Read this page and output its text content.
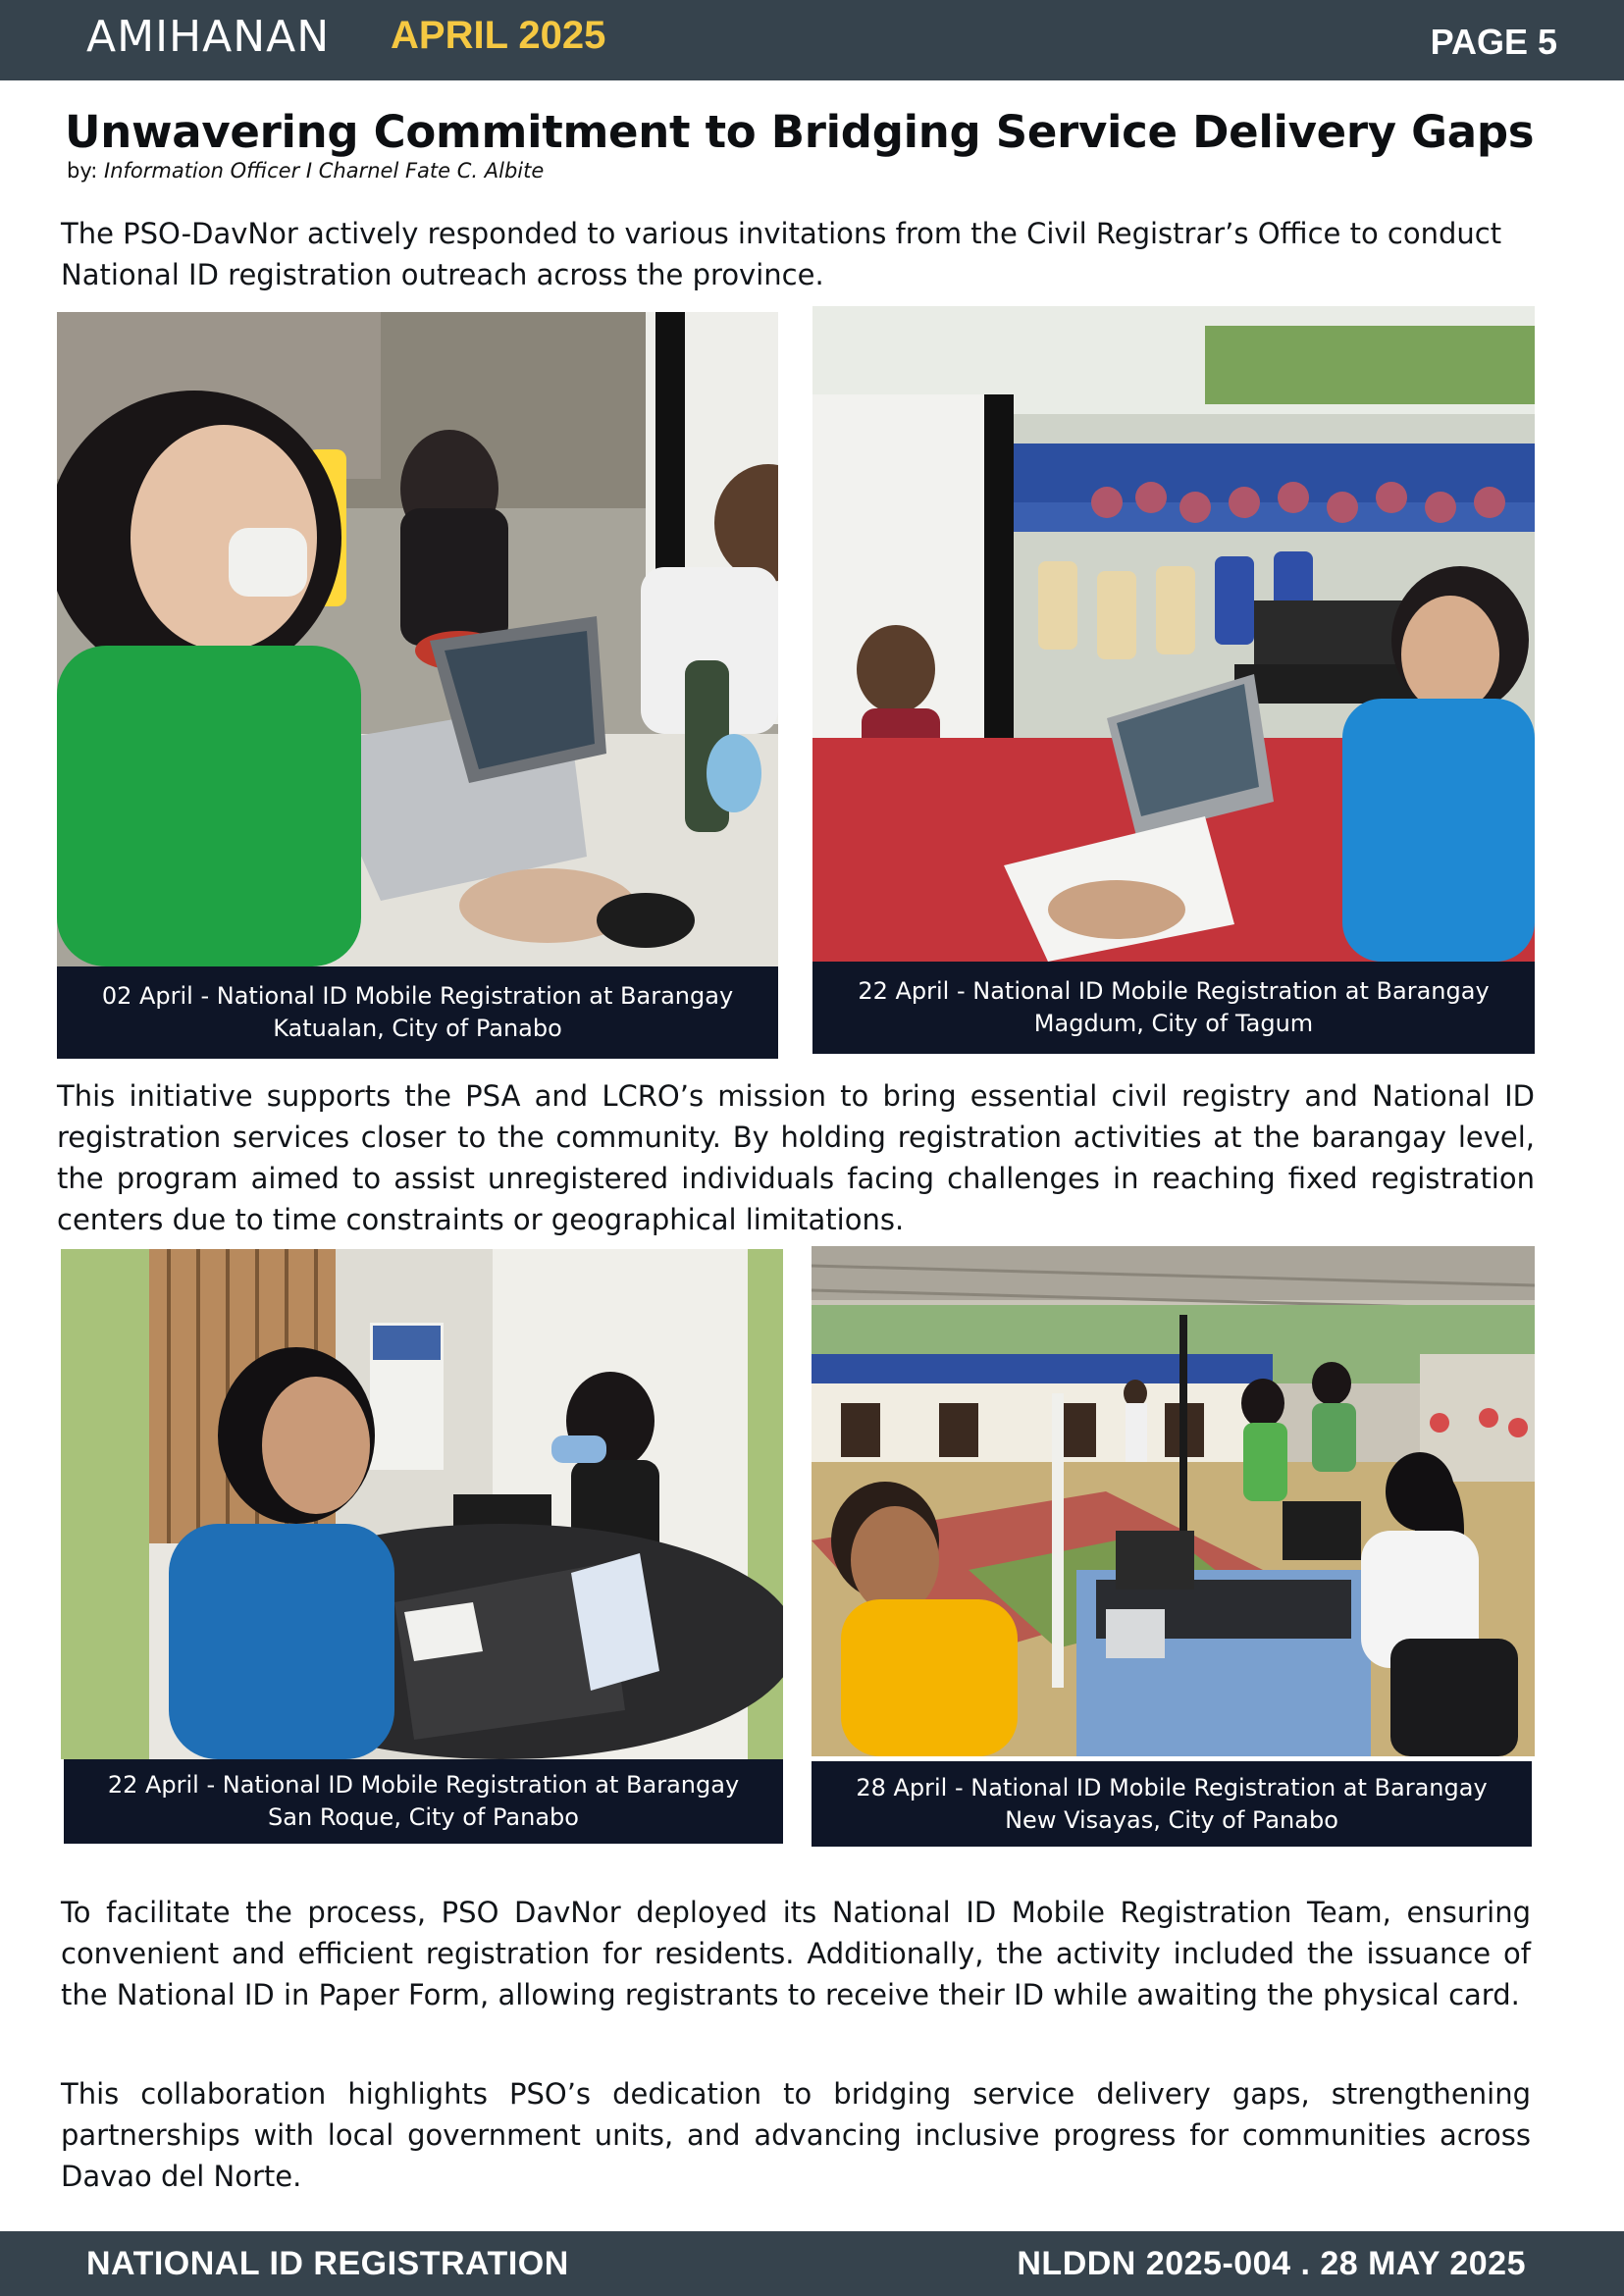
AMIHANAN APRIL 2025	PAGE 5
Unwavering Commitment to Bridging Service Delivery Gaps
by: Information Officer I Charnel Fate C. Albite

The PSO-DavNor actively responded to various invitations from the Civil Registrar’s Office to conduct National ID registration outreach across the province.

02 April - National ID Mobile Registration at Barangay Katualan, City of Panabo
22 April - National ID Mobile Registration at Barangay Magdum, City of Tagum

This initiative supports the PSA and LCRO’s mission to bring essential civil registry and National ID registration services closer to the community. By holding registration activities at the barangay level, the program aimed to assist unregistered individuals facing challenges in reaching fixed registration centers due to time constraints or geographical limitations.

22 April - National ID Mobile Registration at Barangay San Roque, City of Panabo
28 April - National ID Mobile Registration at Barangay New Visayas, City of Panabo

To facilitate the process, PSO DavNor deployed its National ID Mobile Registration Team, ensuring convenient and efficient registration for residents. Additionally, the activity included the issuance of the National ID in Paper Form, allowing registrants to receive their ID while awaiting the physical card.

This collaboration highlights PSO’s dedication to bridging service delivery gaps, strengthening partnerships with local government units, and advancing inclusive progress for communities across Davao del Norte.

NATIONAL ID REGISTRATION	NLDDN 2025-004 . 28 MAY 2025
